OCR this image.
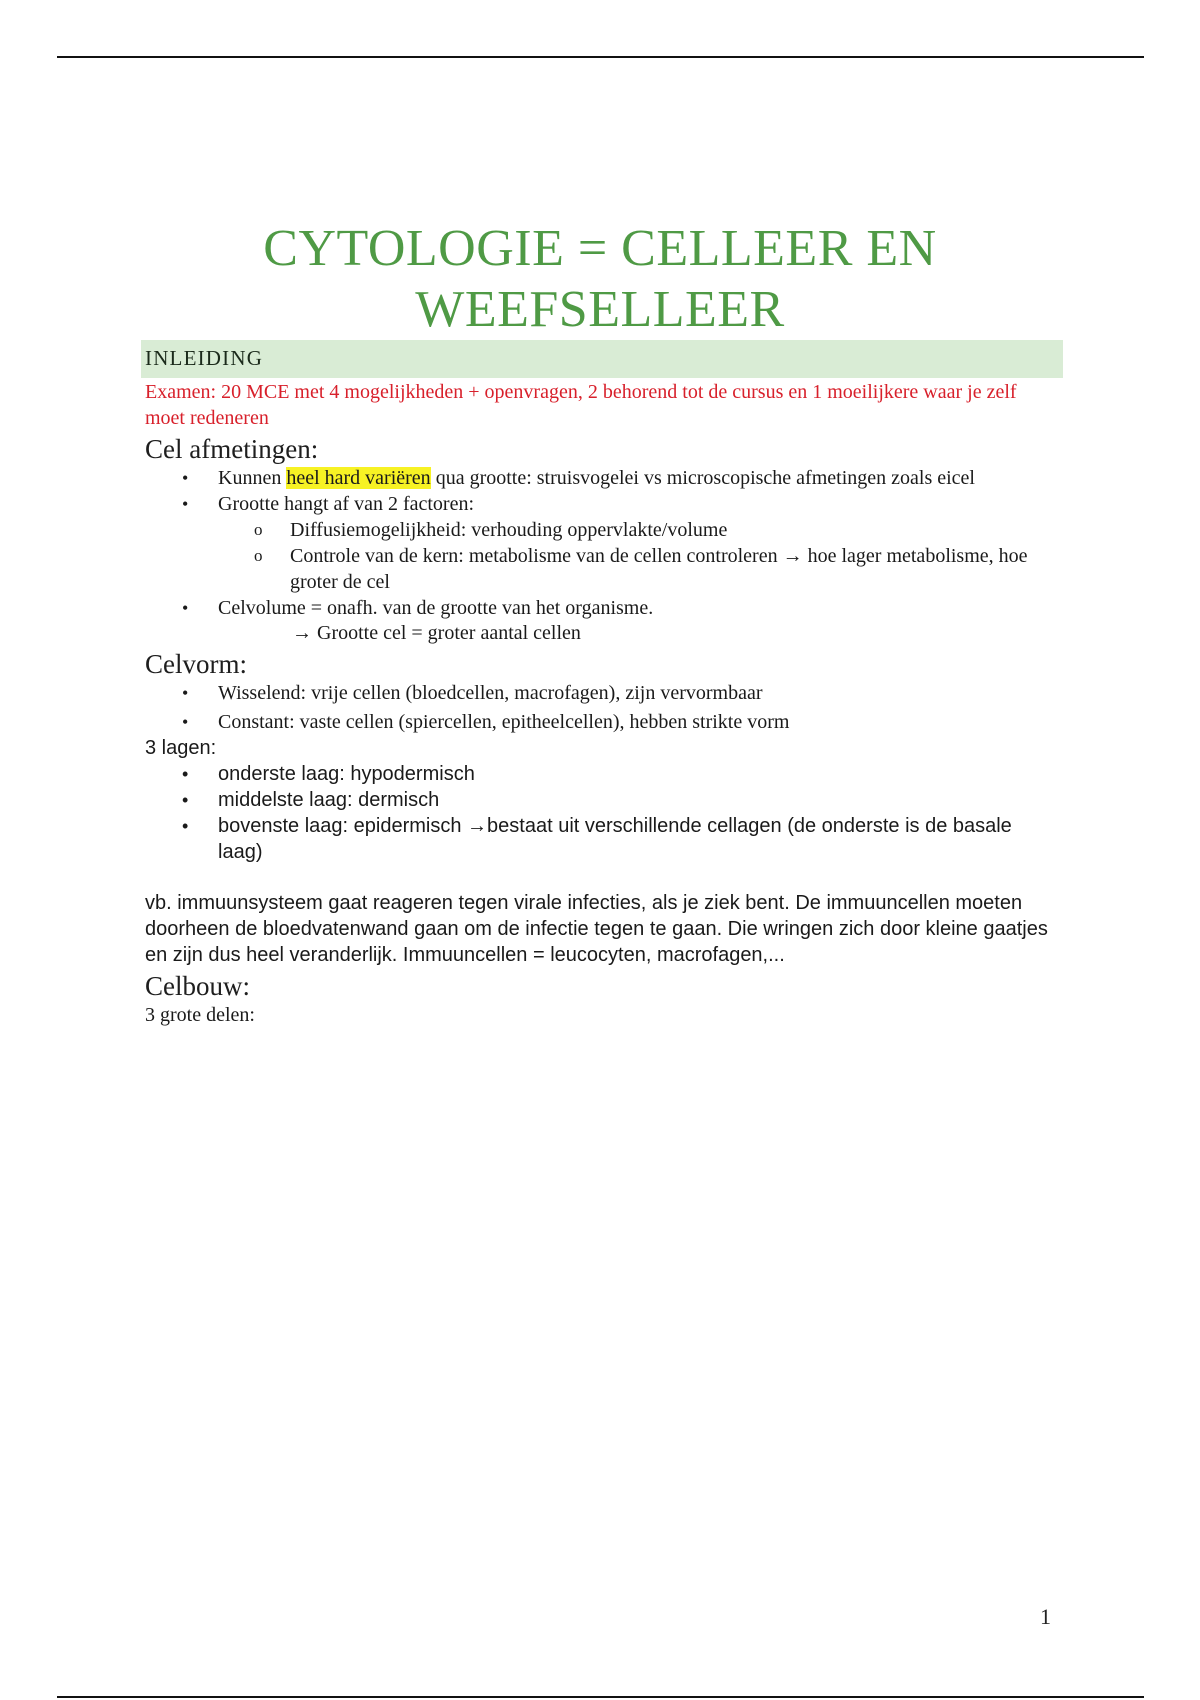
CYTOLOGIE = CELLEER EN WEEFSELLEER
INLEIDING
Examen: 20 MCE met 4 mogelijkheden + openvragen, 2 behorend tot de cursus en 1 moeilijkere waar je zelf moet redeneren
Cel afmetingen:
• Kunnen heel hard variëren qua grootte: struisvogelei vs microscopische afmetingen zoals eicel
• Grootte hangt af van 2 factoren:
o Diffusiemogelijkheid: verhouding oppervlakte/volume
o Controle van de kern: metabolisme van de cellen controleren → hoe lager metabolisme, hoe groter de cel
• Celvolume = onafh. van de grootte van het organisme.
→ Grootte cel = groter aantal cellen
Celvorm:
• Wisselend: vrije cellen (bloedcellen, macrofagen), zijn vervormbaar
• Constant: vaste cellen (spiercellen, epitheelcellen), hebben strikte vorm
3 lagen:
• onderste laag: hypodermisch
• middelste laag: dermisch
• bovenste laag: epidermisch →bestaat uit verschillende cellagen (de onderste is de basale laag)
vb. immuunsysteem gaat reageren tegen virale infecties, als je ziek bent. De immuuncellen moeten doorheen de bloedvatenwand gaan om de infectie tegen te gaan. Die wringen zich door kleine gaatjes en zijn dus heel veranderlijk. Immuuncellen = leucocyten, macrofagen,...
Celbouw:
3 grote delen:
1
